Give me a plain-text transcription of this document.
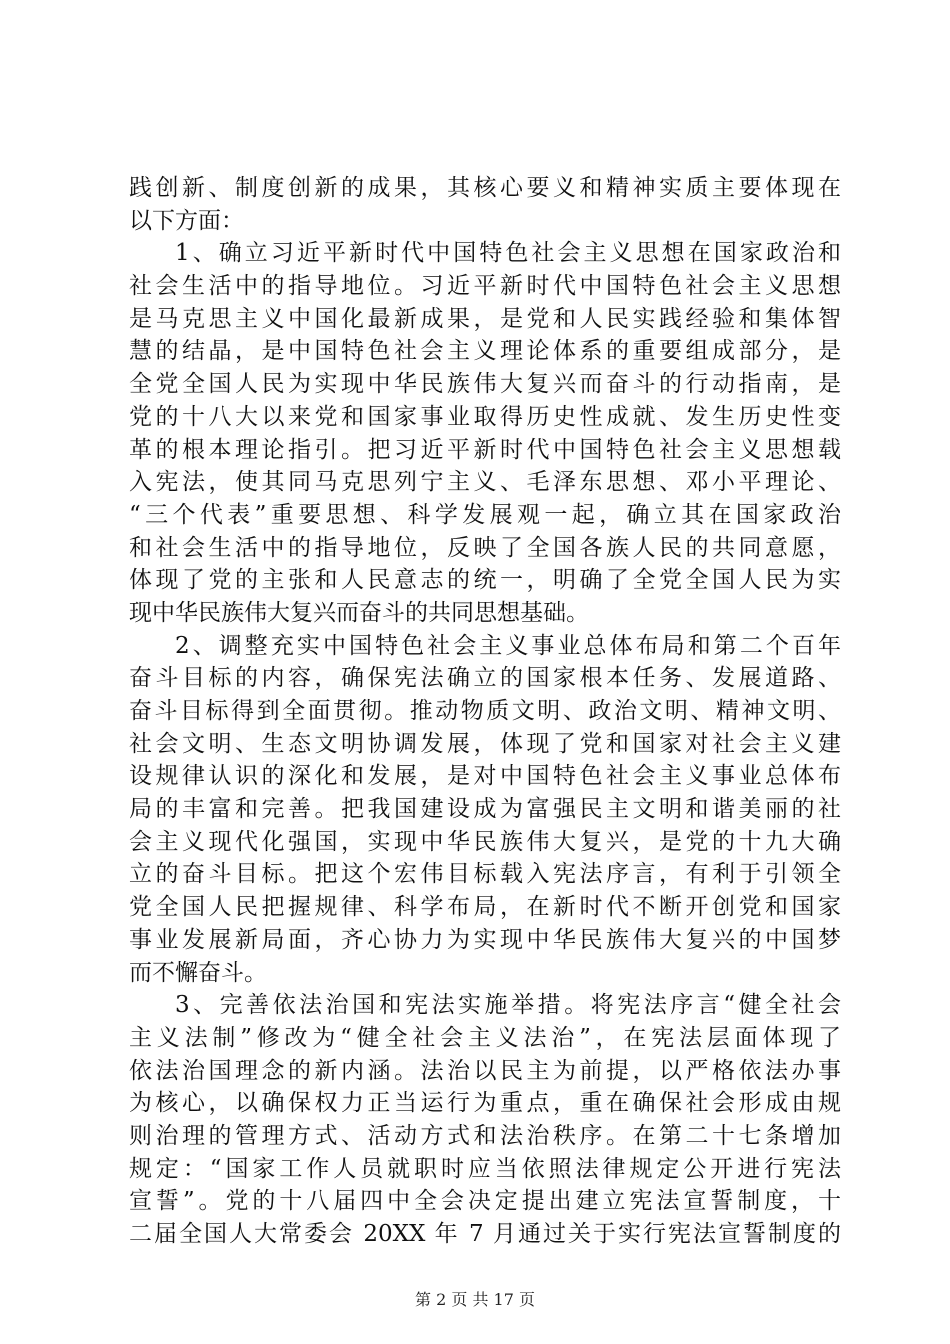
践创新、制度创新的成果，其核心要义和精神实质主要体现在
以下方面：
1、确立习近平新时代中国特色社会主义思想在国家政治和
社会生活中的指导地位。习近平新时代中国特色社会主义思想
是马克思主义中国化最新成果，是党和人民实践经验和集体智
慧的结晶，是中国特色社会主义理论体系的重要组成部分，是
全党全国人民为实现中华民族伟大复兴而奋斗的行动指南，是
党的十八大以来党和国家事业取得历史性成就、发生历史性变
革的根本理论指引。把习近平新时代中国特色社会主义思想载
入宪法，使其同马克思列宁主义、毛泽东思想、邓小平理论、
“三个代表”重要思想、科学发展观一起，确立其在国家政治
和社会生活中的指导地位，反映了全国各族人民的共同意愿，
体现了党的主张和人民意志的统一，明确了全党全国人民为实
现中华民族伟大复兴而奋斗的共同思想基础。
2、调整充实中国特色社会主义事业总体布局和第二个百年
奋斗目标的内容，确保宪法确立的国家根本任务、发展道路、
奋斗目标得到全面贯彻。推动物质文明、政治文明、精神文明、
社会文明、生态文明协调发展，体现了党和国家对社会主义建
设规律认识的深化和发展，是对中国特色社会主义事业总体布
局的丰富和完善。把我国建设成为富强民主文明和谐美丽的社
会主义现代化强国，实现中华民族伟大复兴，是党的十九大确
立的奋斗目标。把这个宏伟目标载入宪法序言，有利于引领全
党全国人民把握规律、科学布局，在新时代不断开创党和国家
事业发展新局面，齐心协力为实现中华民族伟大复兴的中国梦
而不懈奋斗。
3、完善依法治国和宪法实施举措。将宪法序言“健全社会
主义法制”修改为“健全社会主义法治”，在宪法层面体现了
依法治国理念的新内涵。法治以民主为前提，以严格依法办事
为核心，以确保权力正当运行为重点，重在确保社会形成由规
则治理的管理方式、活动方式和法治秩序。在第二十七条增加
规定：“国家工作人员就职时应当依照法律规定公开进行宪法
宣誓”。党的十八届四中全会决定提出建立宪法宣誓制度，十
二届全国人大常委会 20XX 年 7 月通过关于实行宪法宣誓制度的
第 2 页 共 17 页
